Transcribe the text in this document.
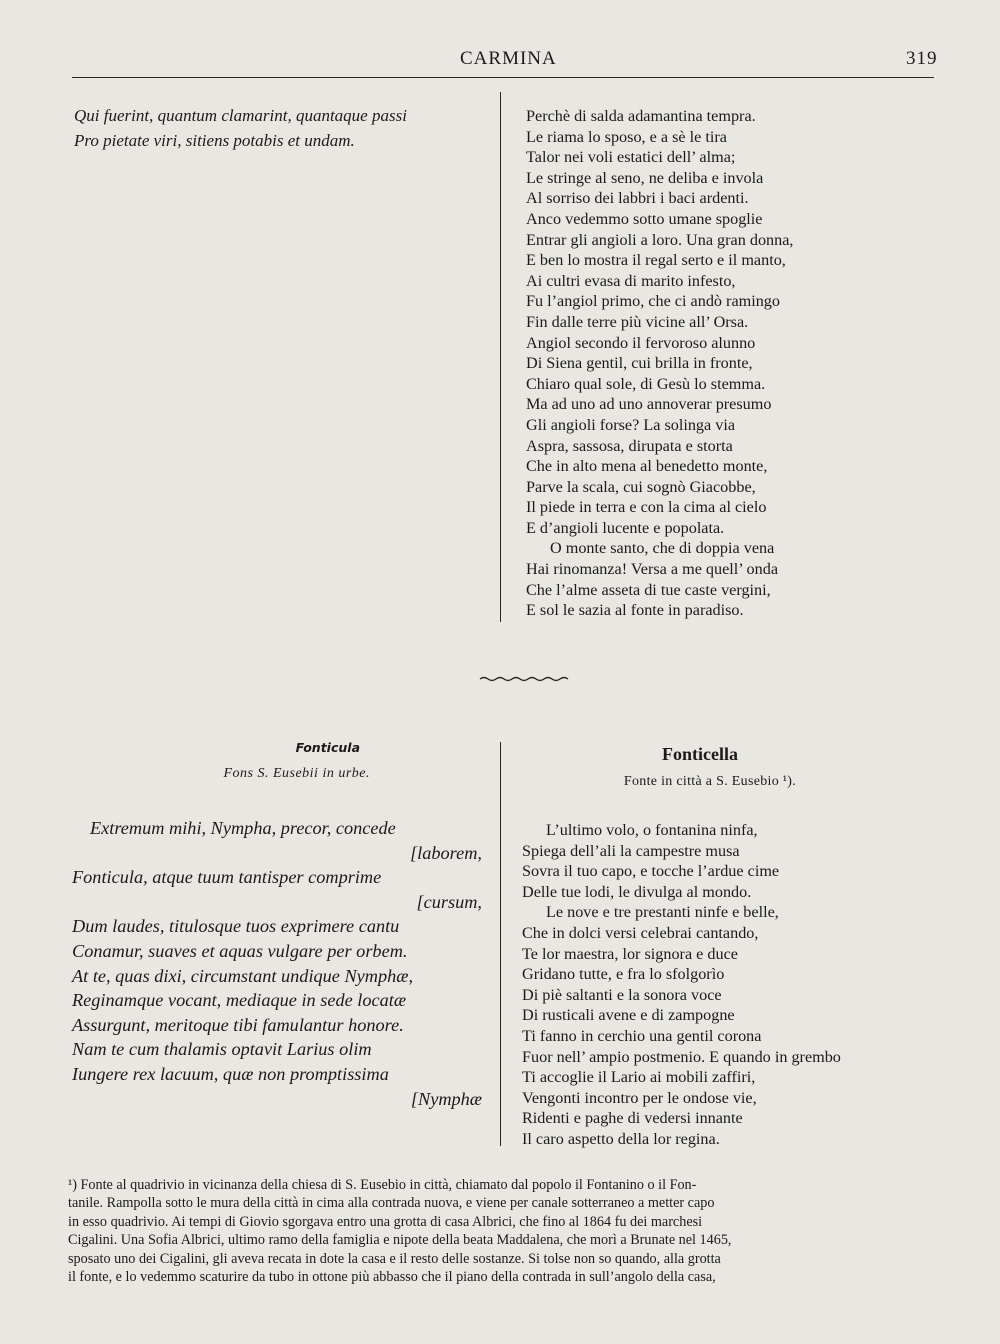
CARMINA	319
Qui fuerint, quantum clamarint, quantaque passi
Pro pietate viri, sitiens potabis et undam.
Perchè di salda adamantina tempra.
Le riama lo sposo, e a sè le tira
Talor nei voli estatici dell’ alma;
Le stringe al seno, ne deliba e invola
Al sorriso dei labbri i baci ardenti.
Anco vedemmo sotto umane spoglie
Entrar gli angioli a loro. Una gran donna,
E ben lo mostra il regal serto e il manto,
Ai cultri evasa di marito infesto,
Fu l’angiol primo, che ci andò ramingo
Fin dalle terre più vicine all’ Orsa.
Angiol secondo il fervoroso alunno
Di Siena gentil, cui brilla in fronte,
Chiaro qual sole, di Gesù lo stemma.
Ma ad uno ad uno annoverar presumo
Gli angioli forse? La solinga via
Aspra, sassosa, dirupata e storta
Che in alto mena al benedetto monte,
Parve la scala, cui sognò Giacobbe,
Il piede in terra e con la cima al cielo
E d’angioli lucente e popolata.
O monte santo, che di doppia vena
Hai rinomanza! Versa a me quell’ onda
Che l’alme asseta di tue caste vergini,
E sol le sazia al fonte in paradiso.
Fonticula
Fons S. Eusebii in urbe.
Fonticella
Fonte in città a S. Eusebio ¹).
Extremum mihi, Nympha, precor, concede
[laborem,
Fonticula, atque tuum tantisper comprime
[cursum,
Dum laudes, titulosque tuos exprimere cantu
Conamur, suaves et aquas vulgare per orbem.
At te, quas dixi, circumstant undique Nymphæ,
Reginamque vocant, mediaque in sede locatæ
Assurgunt, meritoque tibi famulantur honore.
Nam te cum thalamis optavit Larius olim
Iungere rex lacuum, quæ non promptissima
[Nymphæ
L’ultimo volo, o fontanina ninfa,
Spiega dell’ali la campestre musa
Sovra il tuo capo, e tocche l’ardue cime
Delle tue lodi, le divulga al mondo.
Le nove e tre prestanti ninfe e belle,
Che in dolci versi celebrai cantando,
Te lor maestra, lor signora e duce
Gridano tutte, e fra lo sfolgorìo
Di piè saltanti e la sonora voce
Di rusticali avene e di zampogne
Ti fanno in cerchio una gentil corona
Fuor nell’ ampio postmenio. E quando in grembo
Ti accoglie il Lario ai mobili zaffiri,
Vengonti incontro per le ondose vie,
Ridenti e paghe di vedersi innante
Il caro aspetto della lor regina.
¹) Fonte al quadrivio in vicinanza della chiesa di S. Eusebio in città, chiamato dal popolo il Fontanino o il Fon-
tanile. Rampolla sotto le mura della città in cima alla contrada nuova, e viene per canale sotterraneo a metter capo
in esso quadrivio. Ai tempi di Giovio sgorgava entro una grotta di casa Albrici, che fino al 1864 fu dei marchesi
Cigalini. Una Sofia Albrici, ultimo ramo della famiglia e nipote della beata Maddalena, che morì a Brunate nel 1465,
sposato uno dei Cigalini, gli aveva recata in dote la casa e il resto delle sostanze. Si tolse non so quando, alla grotta
il fonte, e lo vedemmo scaturire da tubo in ottone più abbasso che il piano della contrada in sull’angolo della casa,
